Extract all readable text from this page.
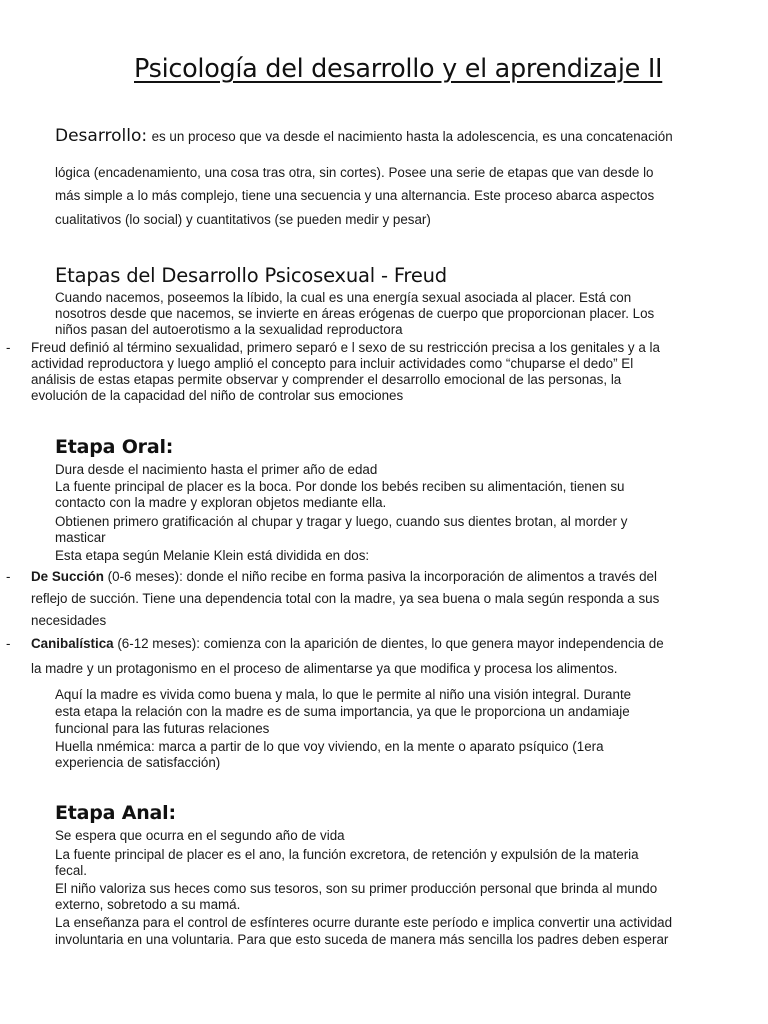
Psicología del desarrollo y el aprendizaje II
Desarrollo: es un proceso que va desde el nacimiento hasta la adolescencia, es una concatenación
lógica (encadenamiento, una cosa tras otra, sin cortes). Posee una serie de etapas que van desde lo
más simple a lo más complejo, tiene una secuencia y una alternancia. Este proceso abarca aspectos
cualitativos (lo social) y cuantitativos (se pueden medir y pesar)
Etapas del Desarrollo Psicosexual - Freud
Cuando nacemos, poseemos la líbido, la cual es una energía sexual asociada al placer. Está con
nosotros desde que nacemos, se invierte en áreas erógenas de cuerpo que proporcionan placer. Los
niños pasan del autoerotismo a la sexualidad reproductora
- Freud definió al término sexualidad, primero separó e l sexo de su restricción precisa a los genitales y a la
actividad reproductora y luego amplió el concepto para incluir actividades como “chuparse el dedo” El
análisis de estas etapas permite observar y comprender el desarrollo emocional de las personas, la
evolución de la capacidad del niño de controlar sus emociones
Etapa Oral:
Dura desde el nacimiento hasta el primer año de edad
La fuente principal de placer es la boca. Por donde los bebés reciben su alimentación, tienen su
contacto con la madre y exploran objetos mediante ella.
Obtienen primero gratificación al chupar y tragar y luego, cuando sus dientes brotan, al morder y
masticar
Esta etapa según Melanie Klein está dividida en dos:
- De Succión (0-6 meses): donde el niño recibe en forma pasiva la incorporación de alimentos a través del
reflejo de succión. Tiene una dependencia total con la madre, ya sea buena o mala según responda a sus
necesidades
- Canibalística (6-12 meses): comienza con la aparición de dientes, lo que genera mayor independencia de
la madre y un protagonismo en el proceso de alimentarse ya que modifica y procesa los alimentos.
Aquí la madre es vivida como buena y mala, lo que le permite al niño una visión integral. Durante
esta etapa la relación con la madre es de suma importancia, ya que le proporciona un andamiaje
funcional para las futuras relaciones
Huella nmémica: marca a partir de lo que voy viviendo, en la mente o aparato psíquico (1era
experiencia de satisfacción)
Etapa Anal:
Se espera que ocurra en el segundo año de vida
La fuente principal de placer es el ano, la función excretora, de retención y expulsión de la materia
fecal.
El niño valoriza sus heces como sus tesoros, son su primer producción personal que brinda al mundo
externo, sobretodo a su mamá.
La enseñanza para el control de esfínteres ocurre durante este período e implica convertir una actividad
involuntaria en una voluntaria. Para que esto suceda de manera más sencilla los padres deben esperar
